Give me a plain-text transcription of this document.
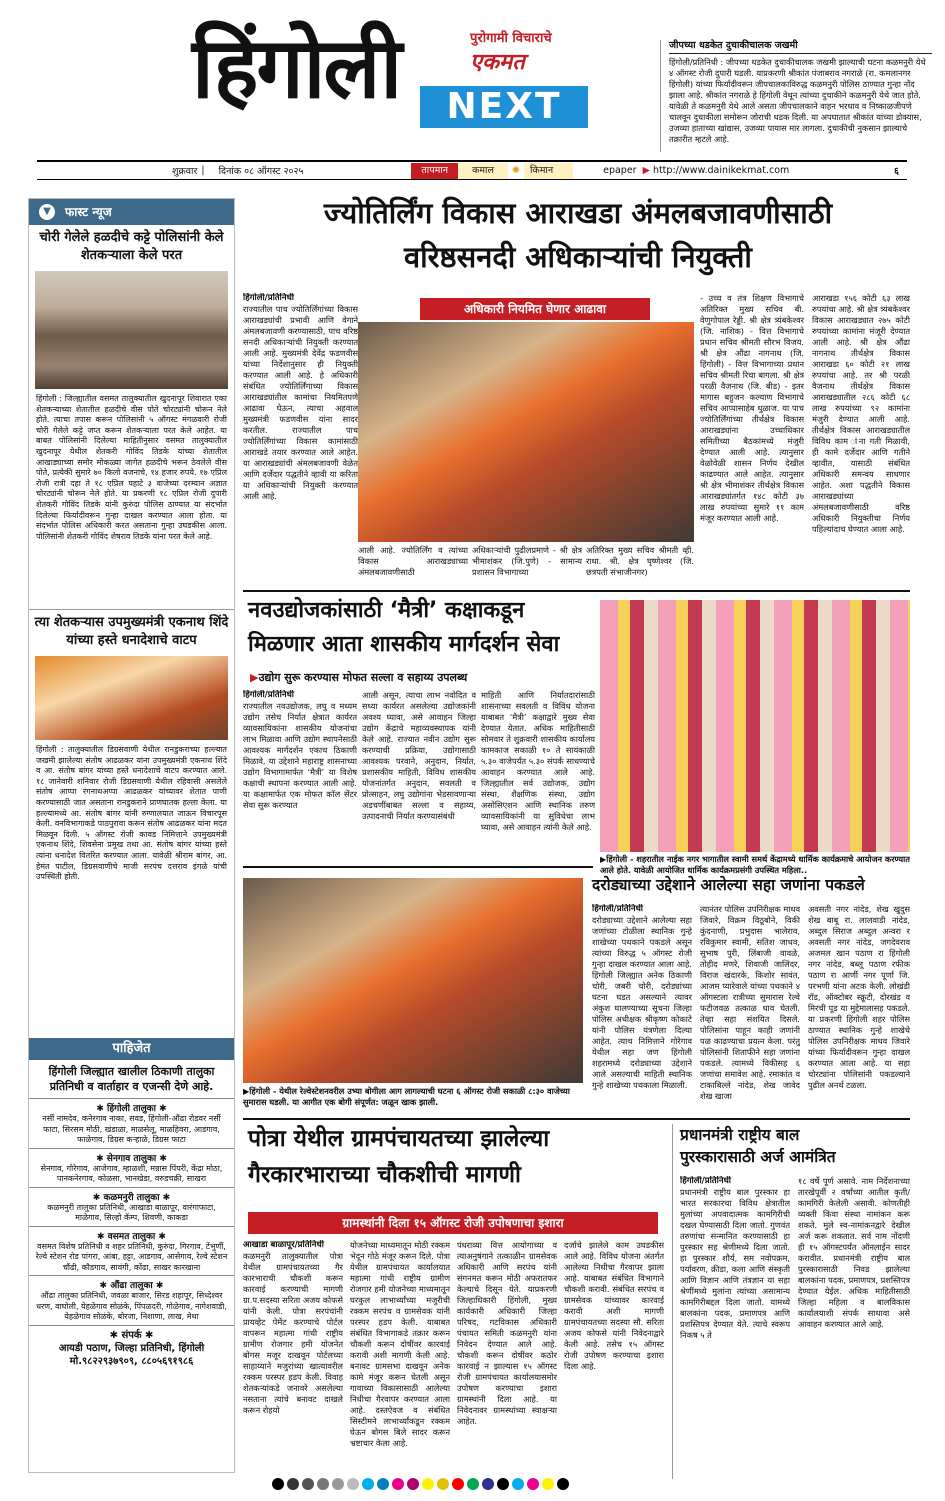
हिंगोली	पुरोगामी विचाराचे
एकमत
NEXT
जीपच्या धडकेत दुचाकीचालक जखमी

हिंगोली/प्रतिनिधी : जीपच्या धडकेत दुचाकीचालक जखमी झाल्याची घटना कळमनुरी येथे ४ ऑगस्ट रोजी दुपारी घडली. याप्रकरणी श्रीकांत पंजाबराव नगराळे (रा. कमलानगर हिंगोली) यांच्या फिर्यादीवरून जीपचालकाविरुद्ध कळमनुरी पोलिस ठाण्यात गुन्हा नोंद झाला आहे. श्रीकांत नगराळे हे हिंगोली वेथून त्यांच्या दुचाकीने कळमनुरी येथे जात होते. यावेळी ते कळमनुरी येथे आले असता जीपचालकाने वाहन भरधाव व निष्काळजीपणे चालवून दुचाकीला समोरून जोराची धडक दिली. या अपघातात श्रीकांत यांच्या डोक्यास, उजव्या हाताच्या खांद्यास, उजव्या पायास मार लागला. दुचाकीची नुकसान झाल्याचे तक्रारीत म्हटले आहे.

शुक्रवार | दिनांक ०८ ऑगस्ट २०२५	तापमान	कमाल	✺	किमान	epaper ▶ http://www.dainikekmat.com	६
▼	फास्ट न्यूज
चोरी गेलेले हळदीचे कट्टे पोलिसांनी केले शेतकऱ्याला केले परत
हिंगोली : जिल्ह्यातील वसमत तालुक्यातील खुदनापूर शिवारात एका शेतकऱ्याच्या शेतातील हळदीचे वीस पोते चोरट्यांनी चोरून नेले होते. त्याचा तपास करून पोलिसांनी ५ ऑगस्ट मंगळवारी रोजी चोरी गेलेले कट्टे जप्त करून शेतकऱ्याला परत केले आहेत. या बाबत पोलिसांनी दिलेल्या माहितीनुसार वसमत तालुक्यातील खुदनापूर येथील शेतकरी गोविंद तिडके यांच्या शेतातील आखाड्याच्या समोर मोकळ्या जागेत हळदीचे भरून ठेवलेले वीस पोते, प्रत्येकी सुमारे ७० किलो वजनाचे, १४ हजार रुपये. १७ एप्रिल रोजी रात्री दहा ते १८ एप्रिल पहाटे ३ वाजेच्या दरम्यान अज्ञात चोरट्यांनी चोरून नेले होते. या प्रकरणी १८ एप्रिल रोजी दुपारी शेतकरी गोविंद तिडके यांनी कुरुंदा पोलिस ठाण्यात या संदर्भात दिलेल्या फिर्यादीवरून गुन्हा दाखल करण्यात आला होता. या संदर्भात पोलिस अधिकारी करत असताना गुन्हा उघडकीस आला. पोलिसांनी शेतकरी गोविंद शेषराव तिडके यांना परत केले आहे.
त्या शेतकऱ्यास उपमुख्यमंत्री एकनाथ शिंदे यांच्या हस्ते धनादेशाचे वाटप
हिंगोली : तालुक्यातील डिग्रसवाणी येथील रानडुकराच्या हल्ल्यात जखमी झालेल्या संतोष आढळकर यांना उपमुख्यमंत्री एकनाथ शिंदे व आ. संतोष बांगर यांच्या हस्ते धनादेशाचे वाटप करण्यात आले. १८ जानेवारी शनिवार रोजी डिग्रसवाणी येथील रहिवासी असलेले संतोष आप्पा रंगनाथअप्पा आढळकर यांच्यावर शेतात पाणी करण्यासाठी जात असताना रानडुकराने प्राणघातक हल्ला केला. या हल्ल्यामध्ये आ. संतोष बांगर यांनी रुग्णालयात जाऊन विचारपूस केली. वनविभागाकडे पाठपुरावा करून संतोष आढळकर यांना मदत मिळवून दिली. ५ ऑगस्ट रोजी कावड निमित्ताने उपमुख्यमंत्री एकनाथ शिंदे, शिवसेना प्रमुख तथा आ. संतोष बांगर यांच्या हस्ते त्यांना धनादेश वितरित करण्यात आला. यावेळी श्रीराम बांगर, आ. हेमंत पाटील, डिग्रसवाणीचे माजी सरपंच दत्तराव इंगळे यांची उपस्थिती होती.
पाहिजेत
हिंगोली जिल्ह्यात खालील ठिकाणी तालुका प्रतिनिधी व वार्ताहार व एजन्सी देणे आहे.
✱ हिंगोली तालुका ✱
नर्सी नामदेव, कनेरगाव नाका, सवड, हिंगोली-औंढा रोडवर नर्सी फाटा, सिरसम मोठी, खंडाळा, माळसेलू, माळहिवरा, आडगाव, फाळेगाव, डिग्रस कऱ्हाळे, डिग्रस फाटा
✱ सेनगाव तालुका ✱
सेनगाव, गोरेगाव, आजेगाव, म्हाळशी, मन्नास पिंपरी, केंद्रा मोठा, पानकनेरगाव, कोळसा, भानखेडा, वरुडचक्री, साखरा
✱ कळमनुरी तालुका ✱
कळमनुरी तालुका प्रतिनिधी, आखाडा बाळापूर, वारंगाफाटा, माळेगाव, सिल्हो कॅम्प, शिवणी, काकडा
✱ वसमत तालुका ✱
वसमत विशेष प्रतिनिधी व शहर प्रतिनिधी, कुरुंदा, गिरगाव, टेंभुर्णी, रेल्वे स्टेशन रोड पांगरा, आंबा, हट्टा, आडगाव, आसेगाव, रेल्वे स्टेशन चौंढी, कौडगाव, सावंगी, कोंढा, साखर कारखाना
✱ औंढा तालुका ✱
औंढा तालुका प्रतिनिधी, जवळा बाजार, सिरड शहापूर, सिध्देश्वर धरण, वाघोली, येहळेगाव सोळंके, पिंपळदरी, गोळेगाव, नागेशवाडी, येहळेगाव सोळंके, बोरजा, निशाणा, लाख, मेथा
✱ संपर्क ✱
आयडी पठाण, जिल्हा प्रतिनिधी, हिंगोली
मो.९८२२९३७९०९, ८८०५६९१९८६
ज्योतिर्लिंग विकास आराखडा अंमलबजावणीसाठी
वरिष्ठसनदी अधिकाऱ्यांची नियुक्ती
हिंगोली/प्रतिनिधी
राज्यातील पाच ज्योतिर्लिंगांच्या विकास आराखड्यांची प्रभावी आणि वेगाने अंमलबजावणी करण्यासाठी, पाच वरिष्ठ सनदी अधिकाऱ्यांची नियुक्ती करण्यात आली आहे. मुख्यमंत्री देवेंद्र फडणवीस यांच्या निर्देशानुसार ही नियुक्ती करण्यात आली आहे. हे अधिकारी संबंधित ज्योतिर्लिंगाच्या विकास आराखड्यांतील कामांचा नियमितपणे आढावा घेऊन, त्याचा अहवाल मुख्यमंत्री फडणवीस यांना सादर करतील. राज्यातील पाच ज्योतिर्लिंगांच्या विकास कामांसाठी आराखडे तयार करण्यात आले आहेत. या आराखड्यांची अंमलबजावणी वेळेत आणि दर्जेदार पद्धतीने व्हावी या करिता या अधिकाऱ्यांची नियुक्ती करण्यात आली आहे.
अधिकारी नियमित घेणार आढावा
आली आहे. ज्योतिर्लिंग व त्यांच्या विकास आराखड्याच्या अंमलबजावणीसाठी
अधिकाऱ्यांची पुढीलप्रमाणे - श्री क्षेत्र भीमाशंकर (जि.पुणे) - सामान्य प्रशासन विभागाच्या
अतिरिक्त मुख्य सचिव श्रीमती व्ही. राधा. श्री. क्षेत्र घृष्णेश्वर (जि. छत्रपती संभाजीनगर)
- उच्च व तंत्र शिक्षण विभागाचे अतिरिक्त मुख्य सचिव बी. वेणुगोपाल रेड्डी. श्री क्षेत्र त्र्यंबकेश्वर (जि. नाशिक) - वित्त विभागाचे प्रधान सचिव श्रीमती सौरभ विजय. श्री क्षेत्र औंढा नागनाथ (जि. हिंगोली) - वित्त विभागाच्या प्रधान सचिव श्रीमती रिचा बागला. श्री क्षेत्र परळी वैजनाथ (जि. बीड) - इतर मागास बहुजन कल्याण विभागाचे सचिव आप्पासाहेब धुळाज. या पाच ज्योतिर्लिंगांच्या तीर्थक्षेत्र विकास आराखड्यांना उच्चाधिकार समितीच्या बैठकांमध्ये मंजुरी देण्यात आली आहे. त्यानुसार वेळोवेळी शासन निर्णय देखील काढण्यात आले आहेत. त्यानुसार श्री क्षेत्र भीमाशंकर तीर्थक्षेत्र विकास आराखड्यांतर्गत १४८ कोटी ३७ लाख रुपयांच्या सुमारे ११ काम मंजूर करण्यात आली आहे.
आराखडा १५६ कोटी ६३ लाख रुपयांचा आहे. श्री क्षेत्र त्र्यंबकेश्वर विकास आराखड्यात २७५ कोटी रुपयांच्या कामांना मंजूरी देण्यात आली आहे. श्री क्षेत्र औंढा नागनाथ तीर्थक्षेत्र विकास आराखडा ६० कोटी २१ लाख रुपयांचा आहे. तर श्री परळी वैजनाथ तीर्थक्षेत्र विकास आराखड्यातील २८६ कोटी ६८ लाख रुपयांच्या ९२ कामांना मंजुरी देण्यात आली आहे. तीर्थक्षेत्र विकास आराखड्यातील विविध काम ांना गती मिळावी, ही कामे दर्जेदार आणि गतीने व्हावीत, यासाठी संबंधित अधिकारी समन्वय साधणार आहेत. अशा पद्धतीने विकास आराखड्यांच्या अंमलबजावणीसाठी वरिष्ठ अधिकारी नियुक्तीचा निर्णय पहिल्यांदाच घेण्यात आला आहे.
नवउद्योजकांसाठी ‘मैत्री’ कक्षाकडून
मिळणार आता शासकीय मार्गदर्शन सेवा
▶उद्योग सुरू करण्यास मोफत सल्ला व सहाय्य उपलब्ध
हिंगोली/प्रतिनिधी
राज्यातील नवउद्योजक, लघु व मध्यम उद्योग तसेच निर्यात क्षेत्रात कार्यरत व्यावसायिकांना शासकीय योजनांचा लाभ मिळावा आणि उद्योग स्थापनेसाठी आवश्यक मार्गदर्शन एकाच ठिकाणी मिळावे, या उद्देशाने महाराष्ट्र शासनाच्या उद्योग विभागामार्फत ‘मैत्री’ या विशेष कक्षाची स्थापना करण्यात आली आहे. या कक्षामार्फत एक मोफत कॉल सेंटर सेवा सुरू करण्यात
आली असून, त्याचा लाभ नवोदित व सध्या कार्यरत असलेल्या उद्योजकांनी अवश्य घ्यावा, असे आवाहन जिल्हा उद्योग केंद्राचे महाव्यवस्थापक यांनी केले आहे. राज्यात नवीन उद्योग सुरू करण्याची प्रक्रिया, उद्योगासाठी आवश्यक परवाने, अनुदान, निर्यात, प्रशासकीय माहिती, विविध शासकीय योजनांतर्गत अनुदान, सवलती व प्रोत्साहन, लघु उद्योगांना भेडसावणाऱ्या अडचणींबाबत सल्ला व सहाय्य, उत्पादनाची निर्यात करण्यासंबंधी
माहिती आणि निर्यातदारांसाठी शासनाच्या सवलती व विविध योजना याबाबत ‘मैत्री’ कक्षाद्वारे मुख्य सेवा देण्यात येतात. अधिक माहितीसाठी सोमवार ते शुक्रवारी शासकीय कार्यालय कामकाज सकाळी १० ते सायंकाळी ५.३० वाजेपर्यंत ५.३० संपर्क साधण्याचे आवाहन करण्यात आले आहे. जिल्ह्यातील सर्व उद्योजक, उद्योग संस्था, शैक्षणिक संस्था, उद्योग असोसिएशन आणि स्थानिक तरुण व्यावसायिकांनी या सुविधेचा लाभ घ्यावा, असे आवाहन त्यांनी केले आहे.
▶हिंगोली - शहरातील नाईक नगर भागातील स्वामी समर्थ केंद्रामध्ये धार्मिक कार्यक्रमाचे आयोजन करण्यात आले होते. यावेळी आयोजित धार्मिक कार्यक्रमप्रसंगी उपस्थित महिला..
▶हिंगोली - येथील रेल्वेस्टेशनवरील उभ्या बोगीला आग लागल्याची घटना ६ ऑगस्ट रोजी सकाळी ८:३० वाजेच्या सुमारास घडली. या आगीत एक बोगी संपूर्णत: जळून खाक झाली.
दरोड्याच्या उद्देशाने आलेल्या सहा जणांना पकडले
हिंगोली/प्रतिनिधी
दरोड्याच्या उद्देशाने आलेल्या सहा जणांच्या टोळीला स्थानिक गुन्हे शाखेच्या पथकाने पकडले असून त्यांच्या विरुद्ध ५ ऑगस्ट रोजी गुन्हा दाखल करण्यात आला आहे. हिंगोली जिल्ह्यात अनेक ठिकाणी चोरी, जबरी चोरी, दरोड्यांच्या घटना घडत असल्याने त्यावर अंकुश घालण्याच्या सूचना जिल्हा पोलिस अधीक्षक श्रीकृष्ण कोकाटे यांनी पोलिस यंत्रणेला दिल्या आहेत. त्याच निमित्ताने गोरेगाव येथील सहा जण हिंगोली शहरामध्ये दरोड्याच्या उद्देशाने आले असल्याची माहिती स्थानिक गुन्हे शाखेच्या पथकाला मिळाली.
त्यानंतर पोलिस उपनिरीक्षक माधव जिवारे, विक्रम विठूबोने, विकी कुंदनाणी, प्रभुदास भालेराव, रविकुमार स्वामी, सतिश जाधव, सुभाष पुरी, लिंबाजी वावळे, तोहीद मणरे, शिवाजी जालिंदर, विराज खंदारके, किशोर सावंत, आजम प्यारेवाले यांच्या पथकाने ४ ऑगस्टला रात्रीच्या सुमारास रेल्वे फटीजवळ तत्काळ धाव घेतली. तेव्हा सहा संशयित दिसले. पोलिसांना पाहून काही जणांनी पळ काढण्याचा प्रयत्न केला. परंतु पोलिसांनी शिताफीने सहा जणांना पकडले. त्यामध्ये विकीसह ६ जणांचा समावेश आहे. रमाकांत व टाकाबिल्ले नांदेड, शेख जावेद शेख खाजा
अवसती नगर नांदेड, शेख खुदुस शेख बाबू रा. लालवाडी नांदेड, अब्दुल सिराज अब्दुल अन्वरा र अवसती नगर नांदेड, जगदेवराव अजमल खान पठाण रा हिंगोली नगर नांदेड, बब्लू पठाण रफीक पठाण रा आर्णी नगर पूर्णा जि. परभणी यांना अटक केली. लोखंडी रॉड, ऑक्टोबर स्क्रूटी, दोरखंड व मिरची पूड या मुद्देमालासह पकडले. या प्रकरणी हिंगोली शहर पोलिस ठाण्यात स्थानिक गुन्हे शाखेचे पोलिस उपनिरीक्षक माधव जिवारे यांच्या फिर्यादीवरून गुन्हा दाखल करण्यात आला आहे. या सहा चोरट्यांना पोलिसांनी पकडल्याने पुढील अनर्थ टळला.
पोत्रा येथील ग्रामपंचायतच्या झालेल्या
गैरकारभाराच्या चौकशीची मागणी
ग्रामस्थांनी दिला १५ ऑगस्ट रोजी उपोषणाचा इशारा
आखाडा बाळापूर/प्रतिनिधी
कळमनुरी तालुक्यातील पोत्रा येथील ग्रामपंचायतच्या गैर कारभाराची चौकशी करून कारवाई करण्याची मागणी ग्रा.प.सदस्या सरिता अजय कोफसे यांनी केली. पोत्रा सरपंचांनी प्रायव्हेट पेमेंट करण्याचे पोर्टल वापरून महात्मा गांधी राष्ट्रीय ग्रामीण रोजगार हमी योजनेत बोगस मजूर दाखवून पोर्टलच्या साहाय्याने मजुरांच्या खात्यावरील रक्कम परस्पर हडप केली. विवाह शेतकऱ्यांकडे जनावरे असलेल्या नसताना त्यांचे बनावट दाखले करून रोहयो
योजनेच्या माध्यमातून मोठी रक्कम भेदून गोठे मंजूर करून दिले. पोत्रा येथील ग्रामपंचायत कार्यालयात महात्मा गांधी राष्ट्रीय ग्रामीण रोजगार हमी योजनेच्या माध्यमातून घरकुल लाभार्थ्यांच्या मजुरीची रक्कम सरपंच व ग्रामसेवक यांनी परस्पर हडप केली. याबाबत संबंधित विभागाकडे तक्रार करून चौकशी करून दोषींवर कारवाई करावी अशी मागणी केली आहे. बनावट ग्रामसभा दाखवून अनेक कामे मंजूर करून घेतली असून गावाच्या विकासासाठी आलेल्या निधीचा गैरवापर करण्यात आला आहे. दस्तऐवज व संबंधित सिस्टीमने लाभार्थ्यांकडून रक्कम घेऊन बोगस बिले सादर करून भ्रष्टाचार केला आहे.
पंधराव्या वित्त आयोगाच्या व त्याअनुषंगाने तत्काळीन ग्रामसेवक अधिकारी आणि सरपंच यांनी संगनमत करून मोठी अफरातफर केल्याचे दिसून येते. याप्रकरणी जिल्हाधिकारी हिंगोली, मुख्य कार्यकारी अधिकारी जिल्हा परिषद, गटविकास अधिकारी पंचायत समिती कळमनुरी यांना निवेदन देण्यात आले आहे. चौकशी करून दोषींवर कठोर कारवाई न झाल्यास १५ ऑगस्ट रोजी ग्रामपंचायत कार्यालयासमोर उपोषण करण्याचा इशारा ग्रामस्थांनी दिला आहे. या निवेदनावर ग्रामस्थांच्या स्वाक्षऱ्या आहेत.
दर्जाचे झालेले काम उघडकीस आले आहे. विविध योजना अंतर्गत आलेल्या निधीचा गैरवापर झाला आहे. याबाबत संबंधित विभागाने चौकशी करावी. संबंधित सरपंच व ग्रामसेवक यांच्यावर कारवाई करावी अशी मागणी ग्रामपंचायतच्या सदस्या सौ. सरिता अजय कोफसे यांनी निवेदनाद्वारे केली आहे. तसेच १५ ऑगस्ट रोजी उपोषण करण्याचा इशारा दिला आहे.
प्रधानमंत्री राष्ट्रीय बाल
पुरस्कारासाठी अर्ज आमंत्रित
हिंगोली/प्रतिनिधी
प्रधानमंत्री राष्ट्रीय बाल पुरस्कार हा भारत सरकारचा विविध क्षेत्रातील मुलांच्या अपवादात्मक कामगिरीची दखल घेण्यासाठी दिला जातो. गुणवंत तरुणांचा सन्मानित करण्यासाठी हा पुरस्कार सह श्रेणीमध्ये दिला जातो. हा पुरस्कार शौर्य, सम नवोपक्रम, पर्यावरण, क्रीडा, कला आणि संस्कृती आणि विज्ञान आणि तंत्रज्ञान या सहा श्रेणींमध्ये मुलांना त्यांच्या असामान्य कामगिरीबद्दल दिला जातो. यामध्ये बालकांना पदक, प्रमाणपत्र आणि प्रशस्तिपत्र देण्यात येते. त्याचे स्वरूप निकष ५ ते
१८ वर्षे पूर्ण असावे. नाम निर्देशनाच्या तारखेपूर्वी २ वर्षांच्या आतील कृती/कामगिरी केलेली असावी. कोणतीही व्यक्ती किंवा संस्था नामांकन करू शकते. मुले स्व-नामांकनद्वारे देखील अर्ज करू शकतात. सर्व नाम नोंदणी ही १५ ऑगस्टपर्यंत ऑनलाईन सादर करावीत. प्रधानमंत्री राष्ट्रीय बाल पुरस्कारासाठी निवड झालेल्या बालकांना पदक, प्रमाणपत्र, प्रशस्तिपत्र देण्यात येईल. अधिक माहितीसाठी जिल्हा महिला व बालविकास कार्यालयाशी संपर्क साधावा असे आवाहन करण्यात आले आहे.
